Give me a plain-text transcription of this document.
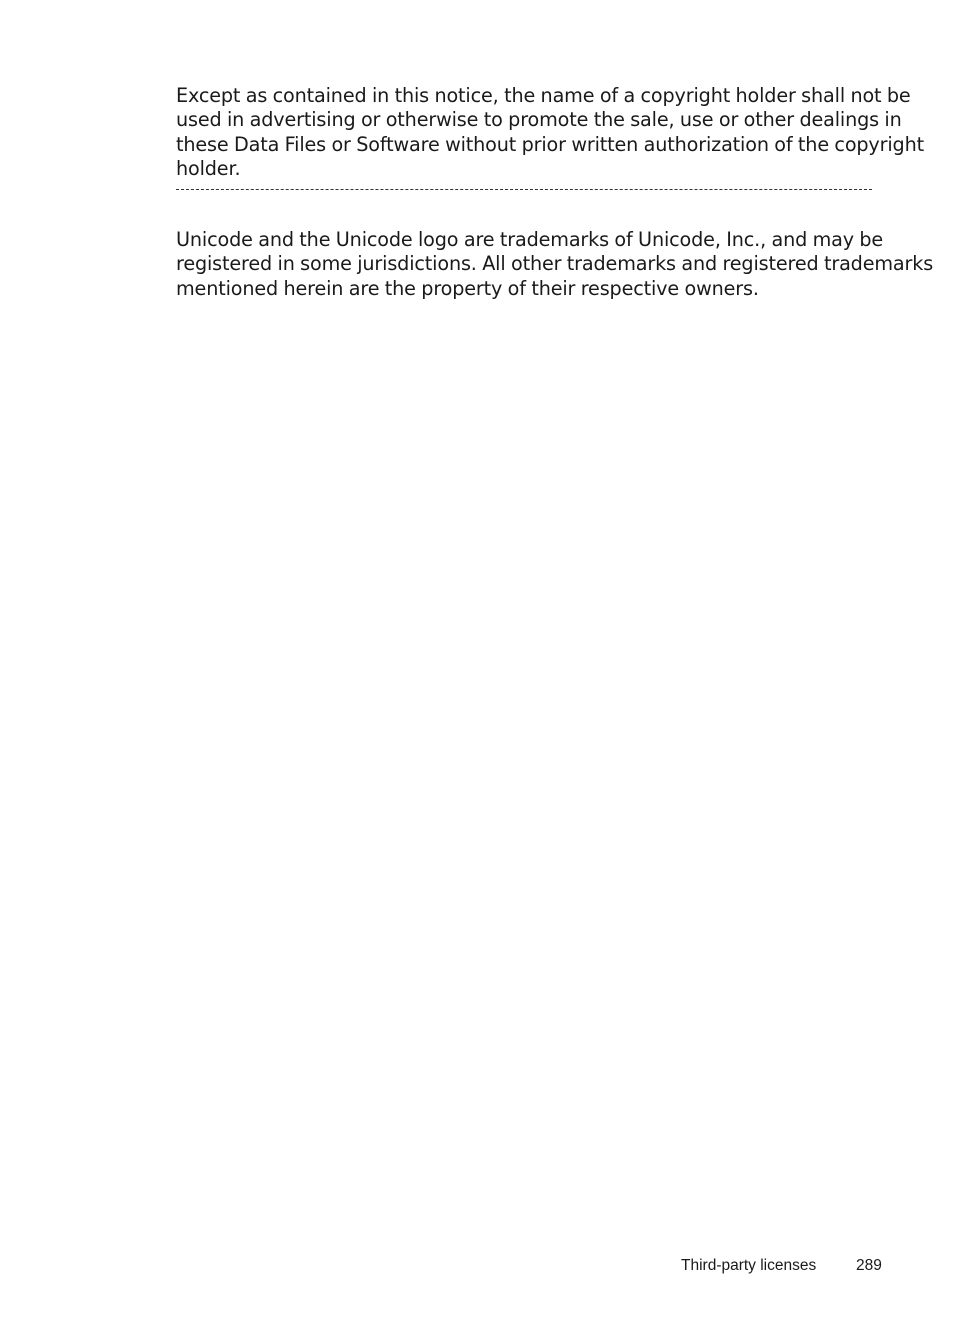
Except as contained in this notice, the name of a copyright holder shall not be
used in advertising or otherwise to promote the sale, use or other dealings in
these Data Files or Software without prior written authorization of the copyright
holder.

Unicode and the Unicode logo are trademarks of Unicode, Inc., and may be
registered in some jurisdictions. All other trademarks and registered trademarks
mentioned herein are the property of their respective owners.

Third-party licenses	289
